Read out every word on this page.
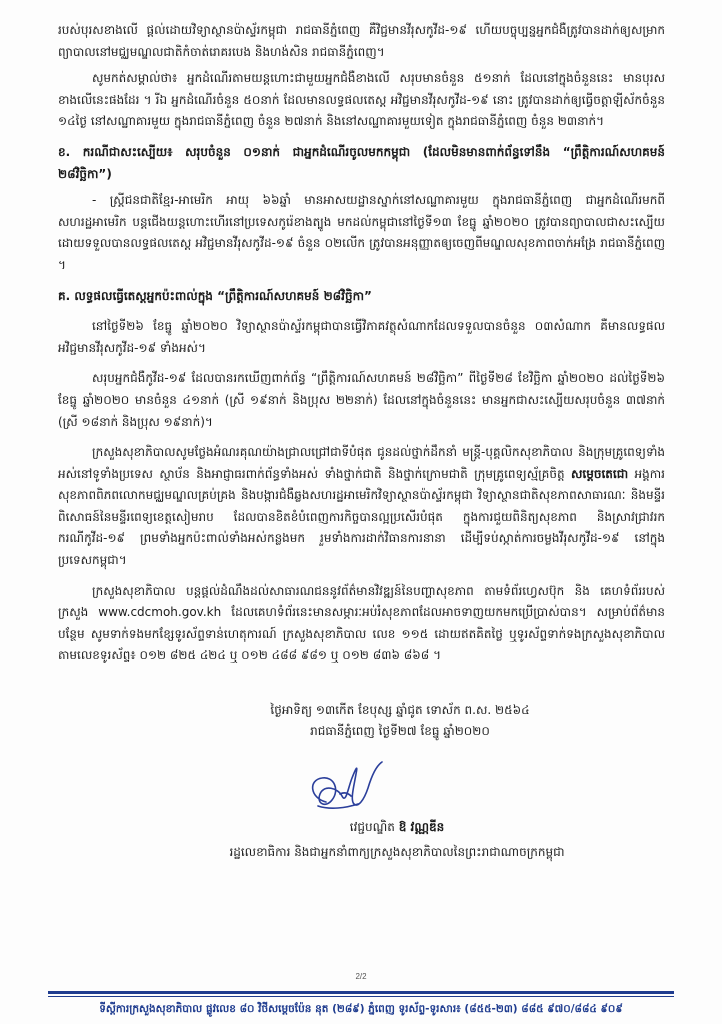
របស់បុរសខាងលើ ផ្តល់ដោយវិទ្យាស្ថានប៉ាស្ទ័រកម្ពុជា រាជធានីភ្នំពេញ គឺវិជ្ជមានវីរុសកូវីដ-១៩ ហើយបច្ចុប្បន្នអ្នកជំងឺត្រូវបានដាក់ឲ្យសម្រាកព្យាបាលនៅមជ្ឈមណ្ឌលជាតិកំចាត់រោគរបេង និងហង់សិន រាជធានីភ្នំពេញ។

សូមកត់សម្គាល់ថា៖ អ្នកដំណើរតាមយន្តហោះជាមួយអ្នកជំងឺខាងលើ សរុបមានចំនួន ៥១នាក់ ដែលនៅក្នុងចំនួននេះ មានបុរសខាងលើនេះផងដែរ ។ រីឯ អ្នកដំណើរចំនួន ៥០នាក់ ដែលមានលទ្ធផលតេស្ត អវិជ្ជមានវីរុសកូវីដ-១៩ នោះ ត្រូវបានដាក់ឲ្យធ្វើចត្តាឡីស័កចំនួន ១៤ថ្ងៃ នៅសណ្ឋាគារមួយ ក្នុងរាជធានីភ្នំពេញ ចំនួន ២៧នាក់ និងនៅសណ្ឋាគារមួយទៀត ក្នុងរាជធានីភ្នំពេញ ចំនួន ២៣នាក់។

ខ. ករណីជាសះស្បើយ៖ សរុបចំនួន ០១នាក់ ជាអ្នកដំណើរចូលមកកម្ពុជា (ដែលមិនមានពាក់ព័ន្ធទៅនឹង “ព្រឹត្តិការណ៍សហគមន៍ ២៨វិច្ឆិកា”)

- ស្ត្រីជនជាតិខ្មែរ-អាមេរិក អាយុ ៦៦ឆ្នាំ មានអាសយដ្ឋានស្នាក់នៅសណ្ឋាគារមួយ ក្នុងរាជធានីភ្នំពេញ ជាអ្នកដំណើរមកពីសហរដ្ឋអាមេរិក បន្តជើងយន្តហោះហើរនៅប្រទេសកូរ៉េខាងត្បូង មកដល់កម្ពុជានៅថ្ងៃទី១៣ ខែធ្នូ ឆ្នាំ២០២០ ត្រូវបានព្យាបាលជាសះស្បើយ ដោយទទួលបានលទ្ធផលតេស្ត អវិជ្ជមានវីរុសកូវីដ-១៩ ចំនួន ០២លើក ត្រូវបានអនុញ្ញាតឲ្យចេញពីមណ្ឌលសុខភាពចាក់អង្រែ រាជធានីភ្នំពេញ ។

គ. លទ្ធផលធ្វើតេស្តអ្នកប៉ះពាល់ក្នុង “ព្រឹត្តិការណ៍សហគមន៍ ២៨វិច្ឆិកា”

នៅថ្ងៃទី២៦ ខែធ្នូ ឆ្នាំ២០២០ វិទ្យាស្ថានប៉ាស្ទ័រកម្ពុជាបានធ្វើវិភាគវត្ថុសំណាកដែលទទួលបានចំនួន ០៣សំណាក គឺមានលទ្ធផល អវិជ្ជមានវីរុសកូវីដ-១៩ ទាំងអស់។

សរុបអ្នកជំងឺកូវីដ-១៩ ដែលបានរកឃើញពាក់ព័ន្ធ “ព្រឹត្តិការណ៍សហគមន៍ ២៨វិច្ឆិកា” ពីថ្ងៃទី២៨ ខែវិច្ឆិកា ឆ្នាំ២០២០ ដល់ថ្ងៃទី២៦ ខែធ្នូ ឆ្នាំ២០២០ មានចំនួន ៤១នាក់ (ស្រី ១៩នាក់ និងប្រុស ២២នាក់) ដែលនៅក្នុងចំនួននេះ មានអ្នកជាសះស្បើយសរុបចំនួន ៣៧នាក់ (ស្រី ១៨នាក់ និងប្រុស ១៩នាក់)។

ក្រសួងសុខាភិបាលសូមថ្លែងអំណរគុណយ៉ាងជ្រាលជ្រៅជាទីបំផុត ជូនដល់ថ្នាក់ដឹកនាំ មន្ត្រី-បុគ្គលិកសុខាភិបាល និងក្រុមគ្រូពេទ្យទាំងអស់នៅទូទាំងប្រទេស ស្ថាប័ន និងអាជ្ញាធរពាក់ព័ន្ធទាំងអស់ ទាំងថ្នាក់ជាតិ និងថ្នាក់ក្រោមជាតិ ក្រុមគ្រូពេទ្យស្ម័គ្រចិត្ត សម្តេចតេជោ អង្គការសុខភាពពិភពលោកមជ្ឈមណ្ឌលគ្រប់គ្រង និងបង្ការជំងឺឆ្លងសហរដ្ឋអាមេរិកវិទ្យាស្ថានប៉ាស្ទ័រកម្ពុជា វិទ្យាស្ថានជាតិសុខភាពសាធារណៈ និងមន្ទីរពិសោធន៍នៃមន្ទីរពេទ្យខេត្តសៀមរាប ដែលបានខិតខំបំពេញការកិច្ចបានល្អប្រសើរបំផុត ក្នុងការជួយពិនិត្យសុខភាព និងស្រាវជ្រាវរកករណីកូវីដ-១៩ ព្រមទាំងអ្នកប៉ះពាល់ទាំងអស់កន្លងមក រួមទាំងការដាក់វិធានការនានា ដើម្បីទប់ស្កាត់ការចម្លងវីរុសកូវីដ-១៩ នៅក្នុងប្រទេសកម្ពុជា។

ក្រសួងសុខាភិបាល បន្តផ្តល់ដំណឹងដល់សាធារណជននូវព័ត៌មានវិវឌ្ឍន៍នៃបញ្ហាសុខភាព តាមទំព័រហ្វេសប៊ុក និង គេហទំព័ររបស់ក្រសួង www.cdcmoh.gov.kh ដែលគេហទំព័រនេះមានសម្ភារៈអប់រំសុខភាពដែលអាចទាញយកមកប្រើប្រាស់បាន។ សម្រាប់ព័ត៌មានបន្ថែម សូមទាក់ទងមកខ្សែទូរស័ព្ទទាន់ហេតុការណ៍ ក្រសួងសុខាភិបាល លេខ ១១៥ ដោយឥតគិតថ្លៃ ឬទូរស័ព្ទទាក់ទងក្រសួងសុខាភិបាល តាមលេខទូរស័ព្ទ៖ ០១២ ៨២៥ ៤២៤ ឬ ០១២ ៤៨៨ ៩៨១ ឬ ០១២ ៨៣៦ ៨៦៨ ។

ថ្ងៃអាទិត្យ ១៣កើត ខែបុស្ស ឆ្នាំជូត ទោស័ក ព.ស. ២៥៦៤
រាជធានីភ្នំពេញ ថ្ងៃទី២៧ ខែធ្នូ ឆ្នាំ២០២០
វេជ្ជបណ្ឌិត ឱ វណ្ណឌីន
រដ្ឋលេខាធិការ និងជាអ្នកនាំពាក្យក្រសួងសុខាភិបាលនៃព្រះរាជាណាចក្រកម្ពុជា
2/2
ទីស្តីការក្រសួងសុខាភិបាល ផ្លូវលេខ ៨០ វិថីសម្តេចប៉ែន នុត (២៨៩) ភ្នំពេញ ទូរស័ព្ទ-ទូរសារ៖ (៨៥៥-២៣) ៨៨៥ ៩៧០/៨៨៤ ៩០៩
